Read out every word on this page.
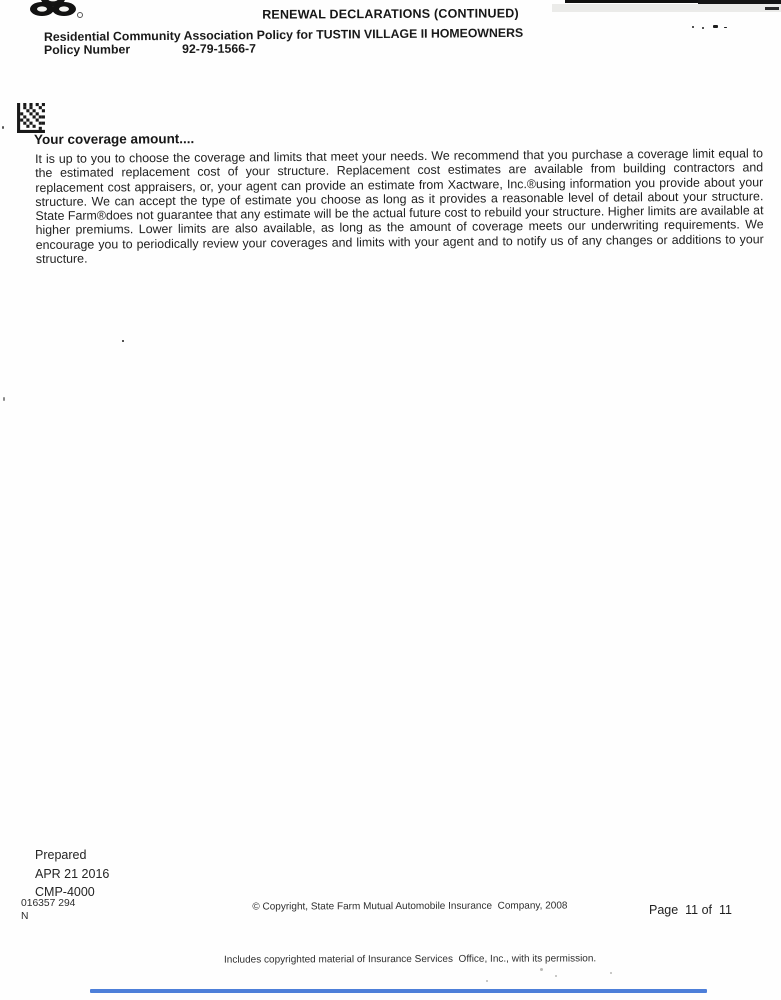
RENEWAL DECLARATIONS (CONTINUED)
Residential Community Association Policy for TUSTIN VILLAGE II HOMEOWNERS
Policy Number	92-79-1566-7
Your coverage amount....
It is up to you to choose the coverage and limits that meet your needs. We recommend that you purchase a coverage limit equal to the estimated replacement cost of your structure. Replacement cost estimates are available from building contractors and replacement cost appraisers, or, your agent can provide an estimate from Xactware, Inc.®using information you provide about your structure. We can accept the type of estimate you choose as long as it provides a reasonable level of detail about your structure. State Farm®does not guarantee that any estimate will be the actual future cost to rebuild your structure. Higher limits are available at higher premiums. Lower limits are also available, as long as the amount of coverage meets our underwriting requirements. We encourage you to periodically review your coverages and limits with your agent and to notify us of any changes or additions to your structure.
Prepared
APR 21 2016
CMP-4000
016357 294
N

© Copyright, State Farm Mutual Automobile Insurance  Company, 2008

Includes copyrighted material of Insurance Services  Office, Inc., with its permission.

Page  11 of  11
